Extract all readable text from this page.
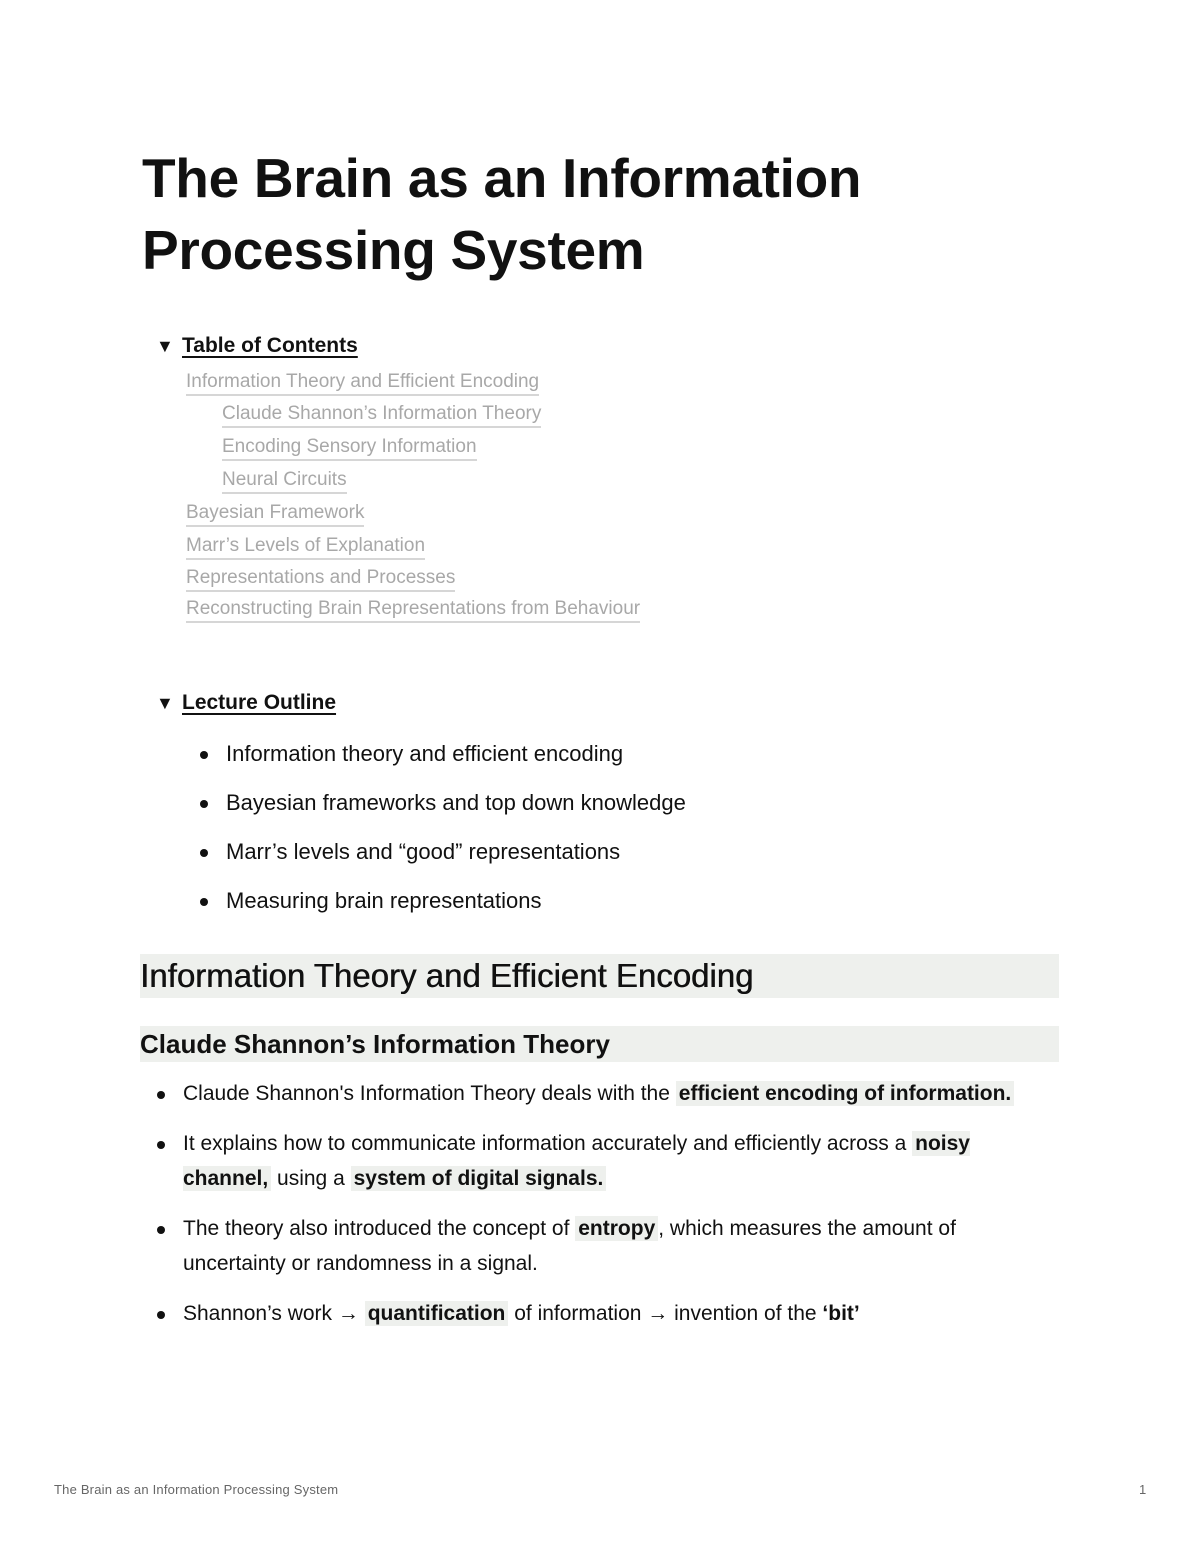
The Brain as an Information Processing System
▼ Table of Contents
Information Theory and Efficient Encoding
Claude Shannon’s Information Theory
Encoding Sensory Information
Neural Circuits
Bayesian Framework
Marr’s Levels of Explanation
Representations and Processes
Reconstructing Brain Representations from Behaviour
▼ Lecture Outline
Information theory and efficient encoding
Bayesian frameworks and top down knowledge
Marr’s levels and “good” representations
Measuring brain representations
Information Theory and Efficient Encoding
Claude Shannon’s Information Theory
Claude Shannon's Information Theory deals with the efficient encoding of information.
It explains how to communicate information accurately and efficiently across a noisy channel, using a system of digital signals.
The theory also introduced the concept of entropy , which measures the amount of uncertainty or randomness in a signal.
Shannon’s work → quantification of information → invention of the ‘bit’
The Brain as an Information Processing System	1
